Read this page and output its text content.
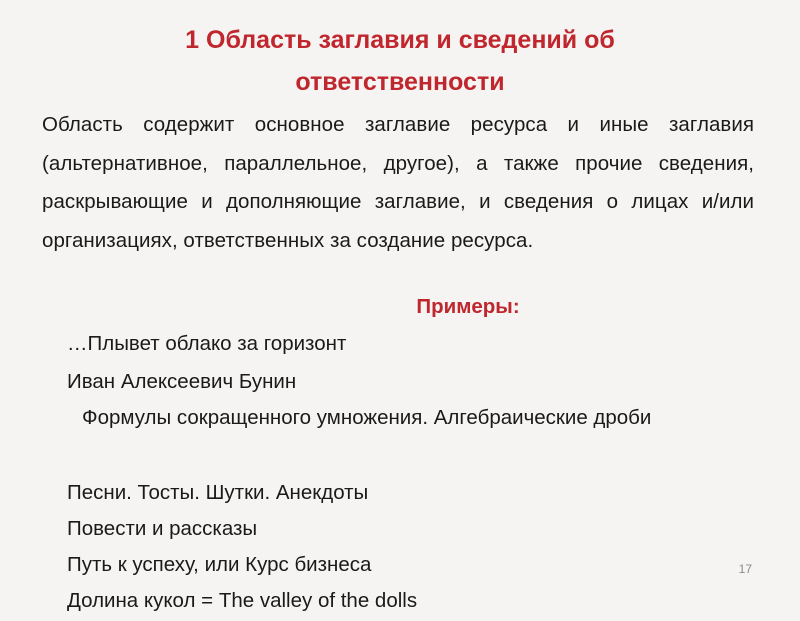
1 Область заглавия и сведений об
ответственности

Область содержит основное заглавие ресурса и иные заглавия (альтернативное, параллельное, другое), а также прочие сведения, раскрывающие и дополняющие заглавие, и сведения о лицах и/или организациях, ответственных за создание ресурса.

Примеры:

…Плывет облако за горизонт

Иван Алексеевич Бунин

Формулы сокращенного умножения. Алгебраические дроби

Песни. Тосты. Шутки. Анекдоты

Повести и рассказы

Путь к успеху, или Курс бизнеса

Долина кукол = The valley of the dolls

17
